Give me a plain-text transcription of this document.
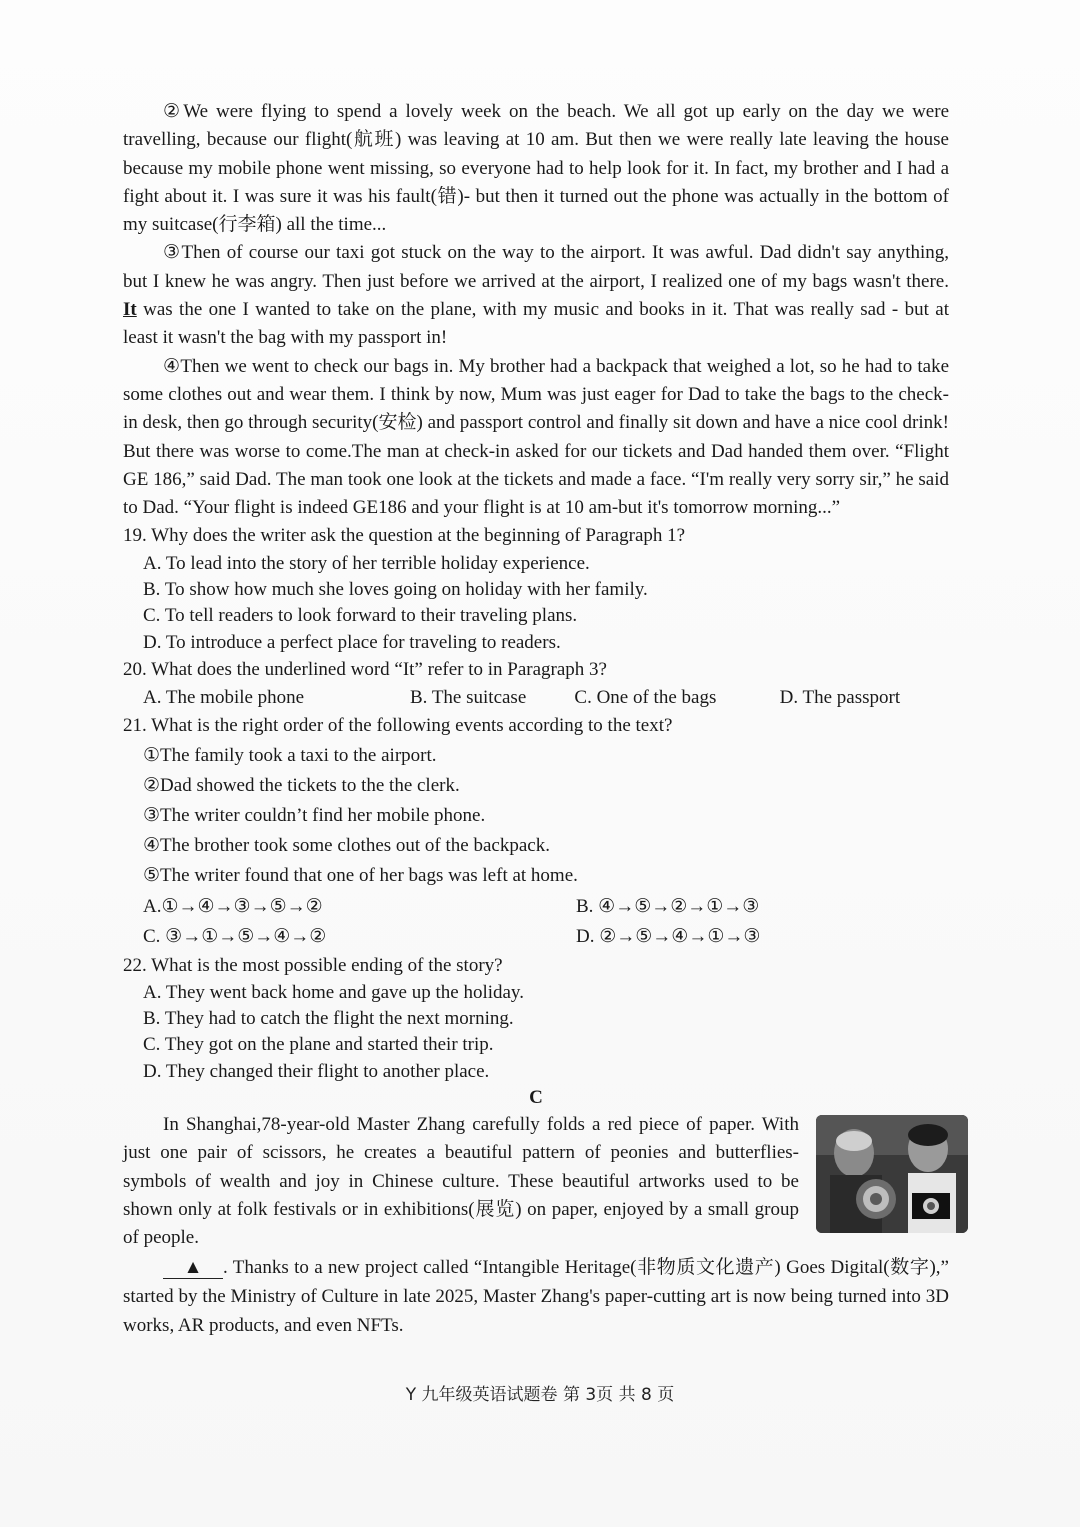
②We were flying to spend a lovely week on the beach. We all got up early on the day we were travelling, because our flight(航班) was leaving at 10 am. But then we were really late leaving the house because my mobile phone went missing, so everyone had to help look for it. In fact, my brother and I had a fight about it. I was sure it was his fault(错)- but then it turned out the phone was actually in the bottom of my suitcase(行李箱) all the time...

③Then of course our taxi got stuck on the way to the airport. It was awful. Dad didn't say anything, but I knew he was angry. Then just before we arrived at the airport, I realized one of my bags wasn't there. It was the one I wanted to take on the plane, with my music and books in it. That was really sad - but at least it wasn't the bag with my passport in!

④Then we went to check our bags in. My brother had a backpack that weighed a lot, so he had to take some clothes out and wear them. I think by now, Mum was just eager for Dad to take the bags to the check-in desk, then go through security(安检) and passport control and finally sit down and have a nice cool drink! But there was worse to come.The man at check-in asked for our tickets and Dad handed them over. “Flight GE 186,” said Dad. The man took one look at the tickets and made a face. “I'm really very sorry sir,” he said to Dad. “Your flight is indeed GE186 and your flight is at 10 am-but it's tomorrow morning...”

19. Why does the writer ask the question at the beginning of Paragraph 1?

A. To lead into the story of her terrible holiday experience.

B. To show how much she loves going on holiday with her family.

C. To tell readers to look forward to their traveling plans.

D. To introduce a perfect place for traveling to readers.

20. What does the underlined word “It” refer to in Paragraph 3?

A. The mobile phone	B. The suitcase	C. One of the bags	D. The passport

21. What is the right order of the following events according to the text?

①The family took a taxi to the airport.

②Dad showed the tickets to the the clerk.

③The writer couldn’t find her mobile phone.

④The brother took some clothes out of the backpack.

⑤The writer found that one of her bags was left at home.

A.①→④→③→⑤→②	B. ④→⑤→②→①→③
C. ③→①→⑤→④→②	D. ②→⑤→④→①→③

22. What is the most possible ending of the story?

A. They went back home and gave up the holiday.

B. They had to catch the flight the next morning.

C. They got on the plane and started their trip.

D. They changed their flight to another place.

C

In Shanghai,78-year-old Master Zhang carefully folds a red piece of paper. With just one pair of scissors, he creates a beautiful pattern of peonies and butterflies- symbols of wealth and joy in Chinese culture. These beautiful artworks used to be shown only at folk festivals or in exhibitions(展览) on paper, enjoyed by a small group of people.

▲ . Thanks to a new project called “Intangible Heritage(非物质文化遗产) Goes Digital(数字),” started by the Ministry of Culture in late 2025, Master Zhang's paper-cutting art is now being turned into 3D works, AR products, and even NFTs.

Y 九年级英语试题卷 第 3页 共 8 页
